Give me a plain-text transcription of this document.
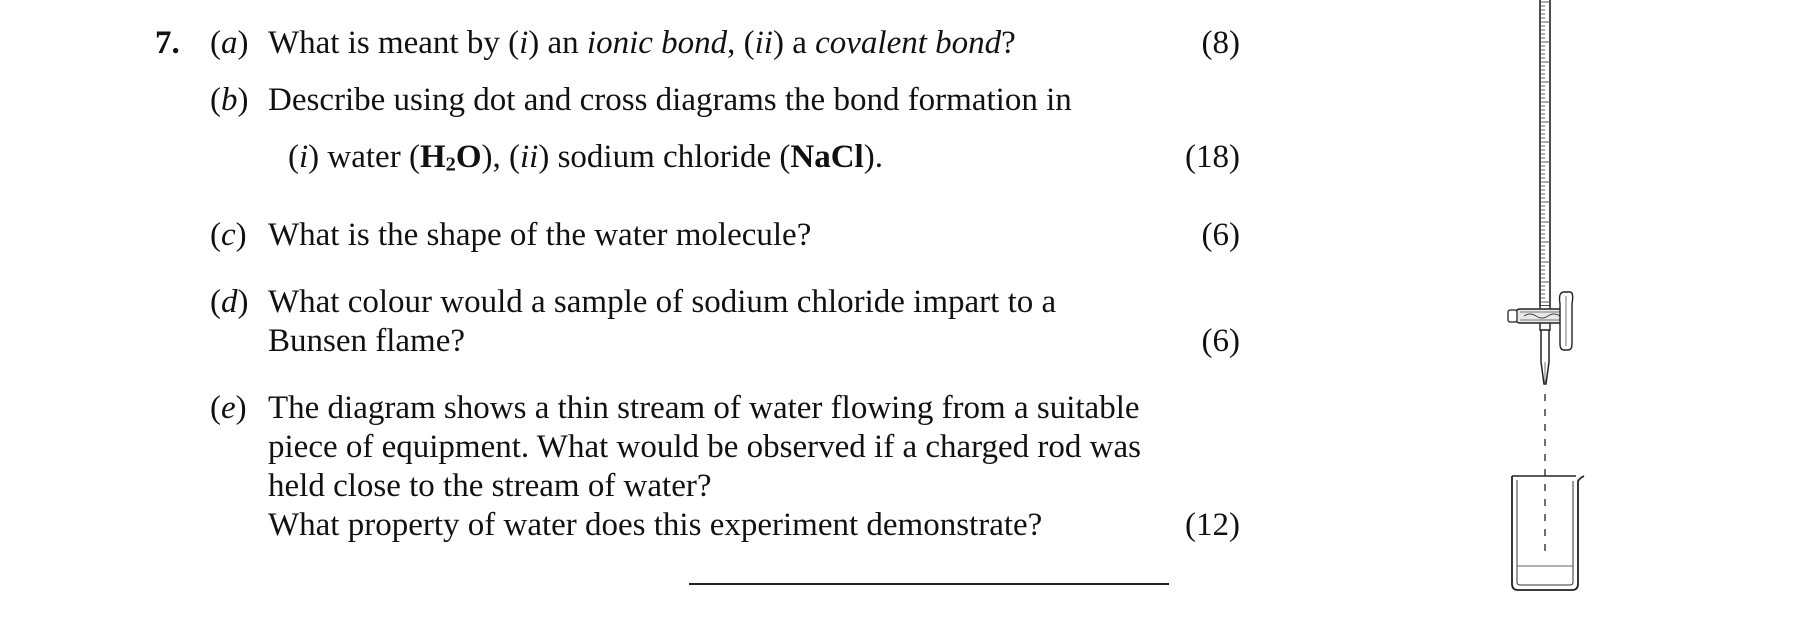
7. (a) What is meant by (i) an ionic bond, (ii) a covalent bond?	(8)
(b) Describe using dot and cross diagrams the bond formation in
(i) water $(H_2O)$, (ii) sodium chloride (NaCl).	(18)
(c) What is the shape of the water molecule?	(6)
(d) What colour would a sample of sodium chloride impart to a
Bunsen flame?	(6)
(e) The diagram shows a thin stream of water flowing from a suitable
piece of equipment. What would be observed if a charged rod was
held close to the stream of water?
What property of water does this experiment demonstrate?	(12)
